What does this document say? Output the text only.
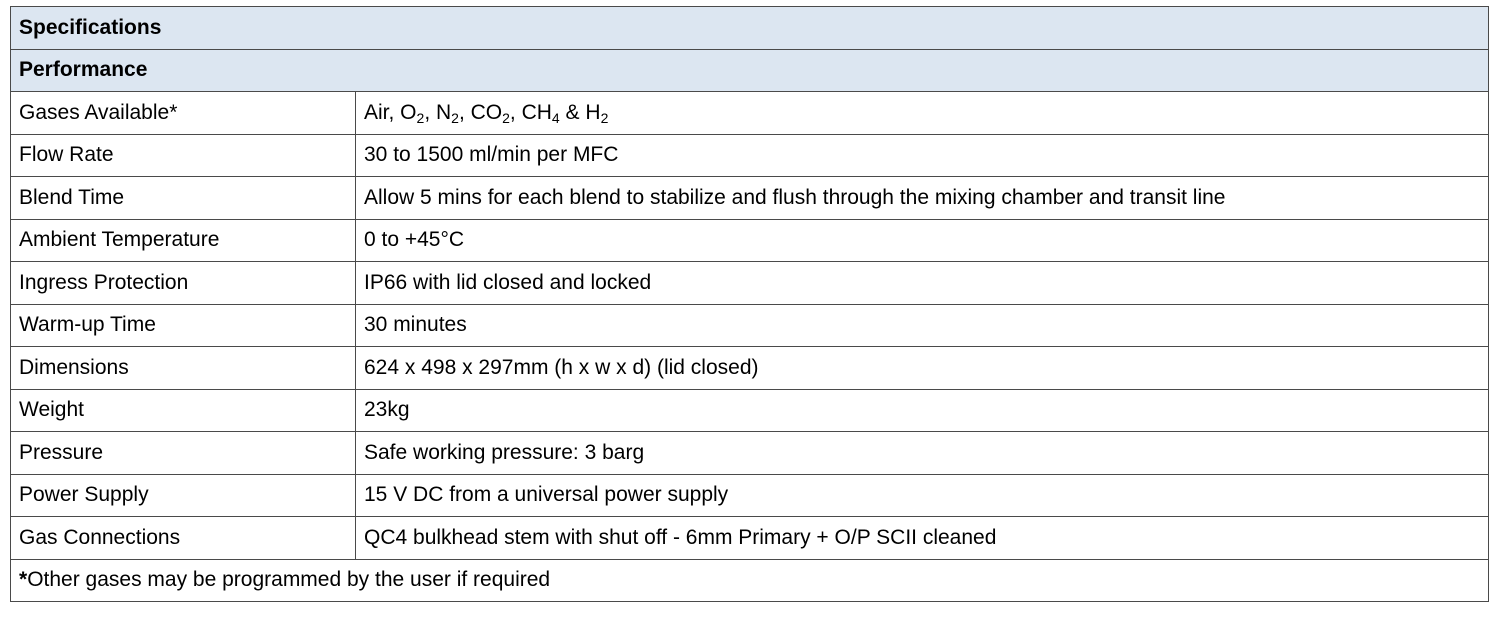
Specifications	
Performance	
Gases Available*	Air, $O_2$, $N_2$, $CO_2$, $CH_4$ & $H_2$
Flow Rate	30 to 1500 ml/min per MFC
Blend Time	Allow 5 mins for each blend to stabilize and flush through the mixing chamber and transit line
Ambient Temperature	0 to +45°C
Ingress Protection	IP66 with lid closed and locked
Warm-up Time	30 minutes
Dimensions	624 x 498 x 297mm (h x w x d) (lid closed)
Weight	23kg
Pressure	Safe working pressure: 3 barg
Power Supply	15 V DC from a universal power supply
Gas Connections	QC4 bulkhead stem with shut off - 6mm Primary + O/P SCII cleaned
*Other gases may be programmed by the user if required	
